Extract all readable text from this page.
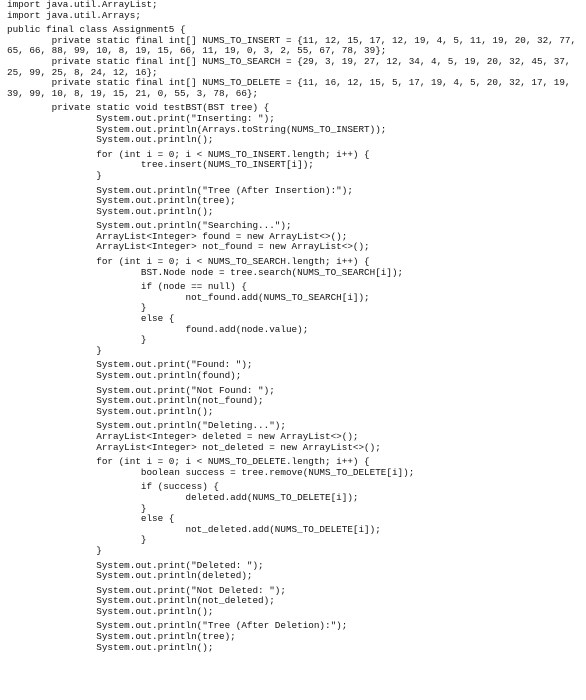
import java.util.ArrayList;
import java.util.Arrays;
public final class Assignment5 {
private static final int[] NUMS_TO_INSERT = {11, 12, 15, 17, 12, 19, 4, 5, 11, 19, 20, 32, 77,
65, 66, 88, 99, 10, 8, 19, 15, 66, 11, 19, 0, 3, 2, 55, 67, 78, 39};
private static final int[] NUMS_TO_SEARCH = {29, 3, 19, 27, 12, 34, 4, 5, 19, 20, 32, 45, 37,
25, 99, 25, 8, 24, 12, 16};
private static final int[] NUMS_TO_DELETE = {11, 16, 12, 15, 5, 17, 19, 4, 5, 20, 32, 17, 19,
39, 99, 10, 8, 19, 15, 21, 0, 55, 3, 78, 66};
private static void testBST(BST tree) {
System.out.print("Inserting: ");
System.out.println(Arrays.toString(NUMS_TO_INSERT));
System.out.println();
for (int i = 0; i < NUMS_TO_INSERT.length; i++) {
tree.insert(NUMS_TO_INSERT[i]);
}
System.out.println("Tree (After Insertion):");
System.out.println(tree);
System.out.println();
System.out.println("Searching...");
ArrayList<Integer> found = new ArrayList<>();
ArrayList<Integer> not_found = new ArrayList<>();
for (int i = 0; i < NUMS_TO_SEARCH.length; i++) {
BST.Node node = tree.search(NUMS_TO_SEARCH[i]);
if (node == null) {
not_found.add(NUMS_TO_SEARCH[i]);
}
else {
found.add(node.value);
}
}
System.out.print("Found: ");
System.out.println(found);
System.out.print("Not Found: ");
System.out.println(not_found);
System.out.println();
System.out.println("Deleting...");
ArrayList<Integer> deleted = new ArrayList<>();
ArrayList<Integer> not_deleted = new ArrayList<>();
for (int i = 0; i < NUMS_TO_DELETE.length; i++) {
boolean success = tree.remove(NUMS_TO_DELETE[i]);
if (success) {
deleted.add(NUMS_TO_DELETE[i]);
}
else {
not_deleted.add(NUMS_TO_DELETE[i]);
}
}
System.out.print("Deleted: ");
System.out.println(deleted);
System.out.print("Not Deleted: ");
System.out.println(not_deleted);
System.out.println();
System.out.println("Tree (After Deletion):");
System.out.println(tree);
System.out.println();
